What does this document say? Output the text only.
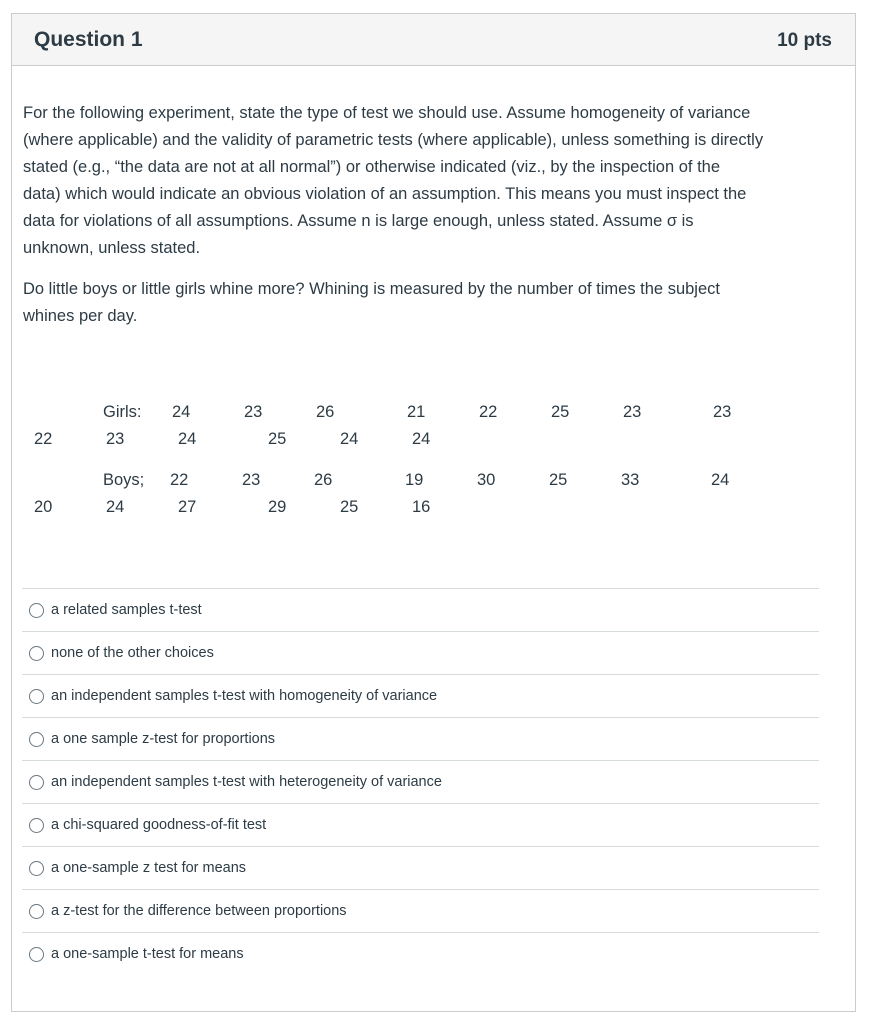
Question 1	10 pts
For the following experiment, state the type of test we should use. Assume homogeneity of variance
(where applicable) and the validity of parametric tests (where applicable), unless something is directly
stated (e.g., “the data are not at all normal”) or otherwise indicated (viz., by the inspection of the
data) which would indicate an obvious violation of an assumption. This means you must inspect the
data for violations of all assumptions. Assume n is large enough, unless stated. Assume σ is
unknown, unless stated.
Do little boys or little girls whine more? Whining is measured by the number of times the subject
whines per day.
Girls: 24	23	26	21	22	25	23	23
22	23	24	25	24	24
Boys; 22	23	26	19	30	25	33	24
20	24	27	29	25	16
a related samples t-test
none of the other choices
an independent samples t-test with homogeneity of variance
a one sample z-test for proportions
an independent samples t-test with heterogeneity of variance
a chi-squared goodness-of-fit test
a one-sample z test for means
a z-test for the difference between proportions
a one-sample t-test for means
